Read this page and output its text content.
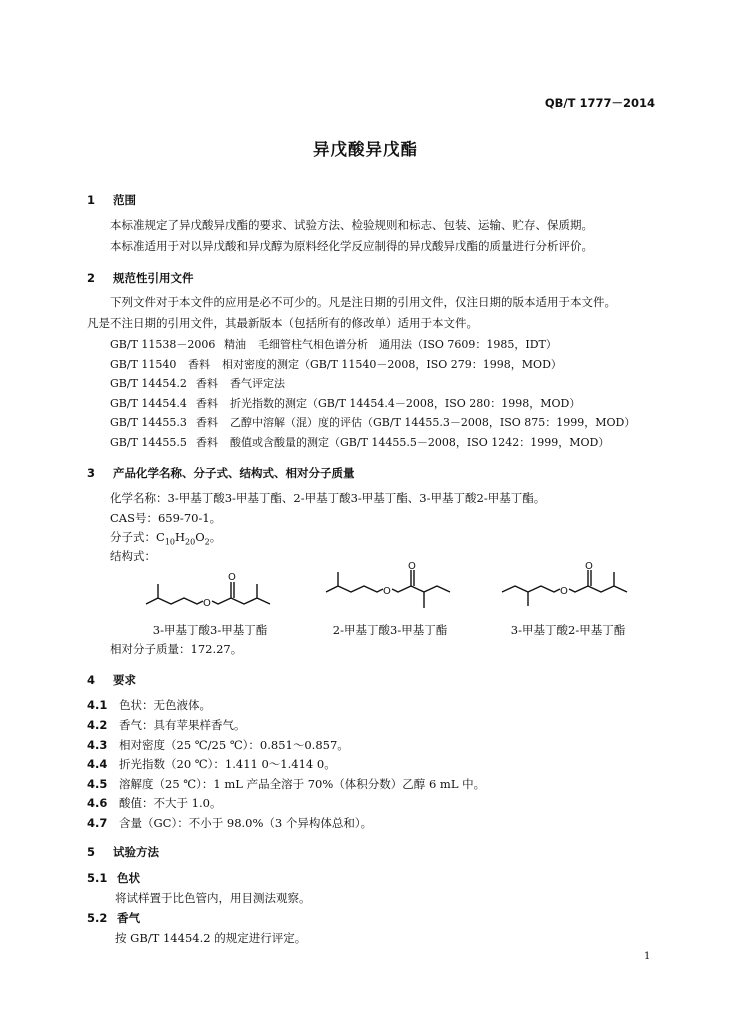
QB/T 1777－2014
异戊酸异戊酯
1 范围
本标准规定了异戊酸异戊酯的要求、试验方法、检验规则和标志、包装、运输、贮存、保质期。
本标准适用于对以异戊酸和异戊醇为原料经化学反应制得的异戊酸异戊酯的质量进行分析评价。
2 规范性引用文件
下列文件对于本文件的应用是必不可少的。凡是注日期的引用文件，仅注日期的版本适用于本文件。
凡是不注日期的引用文件，其最新版本（包括所有的修改单）适用于本文件。
GB/T 11538－2006 精油 毛细管柱气相色谱分析　通用法（ISO 7609：1985，IDT）
GB/T 11540 香料 相对密度的测定（GB/T 11540－2008，ISO 279：1998，MOD）
GB/T 14454.2 香料 香气评定法
GB/T 14454.4 香料 折光指数的测定（GB/T 14454.4－2008，ISO 280：1998，MOD）
GB/T 14455.3 香料 乙醇中溶解（混）度的评估（GB/T 14455.3－2008，ISO 875：1999，MOD）
GB/T 14455.5 香料 酸值或含酸量的测定（GB/T 14455.5－2008，ISO 1242：1999，MOD）
3 产品化学名称、分子式、结构式、相对分子质量
化学名称：3-甲基丁酸3-甲基丁酯、2-甲基丁酸3-甲基丁酯、3-甲基丁酸2-甲基丁酯。
CAS号：659-70-1。
分子式：$C_{10}H_{20}O_2$。
结构式：
O
O
O
O
O
O
3-甲基丁酸3-甲基丁酯	2-甲基丁酸3-甲基丁酯	3-甲基丁酸2-甲基丁酯
相对分子质量：172.27。
4 要求
4.1 色状：无色液体。
4.2 香气：具有苹果样香气。
4.3 相对密度（25 ℃/25 ℃）：0.851～0.857。
4.4 折光指数（20 ℃）：1.411 0～1.414 0。
4.5 溶解度（25 ℃）：1 mL 产品全溶于 70%（体积分数）乙醇 6 mL 中。
4.6 酸值：不大于 1.0。
4.7 含量（GC）：不小于 98.0%（3 个异构体总和）。
5 试验方法
5.1 色状
将试样置于比色管内，用目测法观察。
5.2 香气
按 GB/T 14454.2 的规定进行评定。
1
